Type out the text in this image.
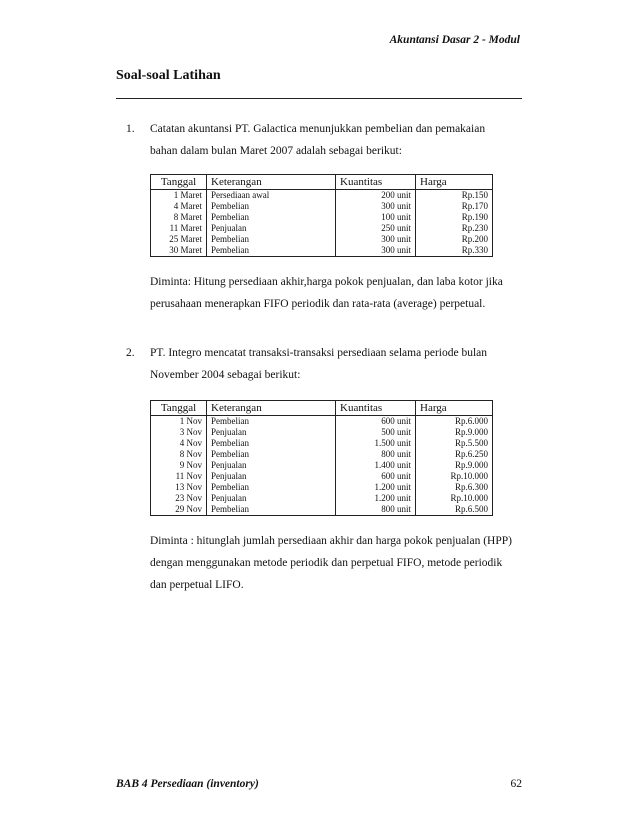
Akuntansi Dasar 2 - Modul
Soal-soal Latihan
1. Catatan akuntansi PT. Galactica menunjukkan pembelian dan pemakaian
bahan dalam bulan Maret 2007 adalah sebagai berikut:
Tanggal	Keterangan	Kuantitas	Harga
1 Maret	Persediaan awal	200 unit	Rp.150
4 Maret	Pembelian	300 unit	Rp.170
8 Maret	Pembelian	100 unit	Rp.190
11 Maret	Penjualan	250 unit	Rp.230
25 Maret	Pembelian	300 unit	Rp.200
30 Maret	Pembelian	300 unit	Rp.330
Diminta: Hitung persediaan akhir,harga pokok penjualan, dan laba kotor jika
perusahaan menerapkan FIFO periodik dan rata-rata (average) perpetual.
2. PT. Integro mencatat transaksi-transaksi persediaan selama periode bulan
November 2004 sebagai berikut:
Tanggal	Keterangan	Kuantitas	Harga
1 Nov	Pembelian	600 unit	Rp.6.000
3 Nov	Penjualan	500 unit	Rp.9.000
4 Nov	Pembelian	1.500 unit	Rp.5.500
8 Nov	Pembelian	800 unit	Rp.6.250
9 Nov	Penjualan	1.400 unit	Rp.9.000
11 Nov	Penjualan	600 unit	Rp.10.000
13 Nov	Pembelian	1.200 unit	Rp.6.300
23 Nov	Penjualan	1.200 unit	Rp.10.000
29 Nov	Pembelian	800 unit	Rp.6.500
Diminta : hitunglah jumlah persediaan akhir dan harga pokok penjualan (HPP)
dengan menggunakan metode periodik dan perpetual FIFO, metode periodik
dan perpetual LIFO.
BAB 4 Persediaan (inventory)	62
